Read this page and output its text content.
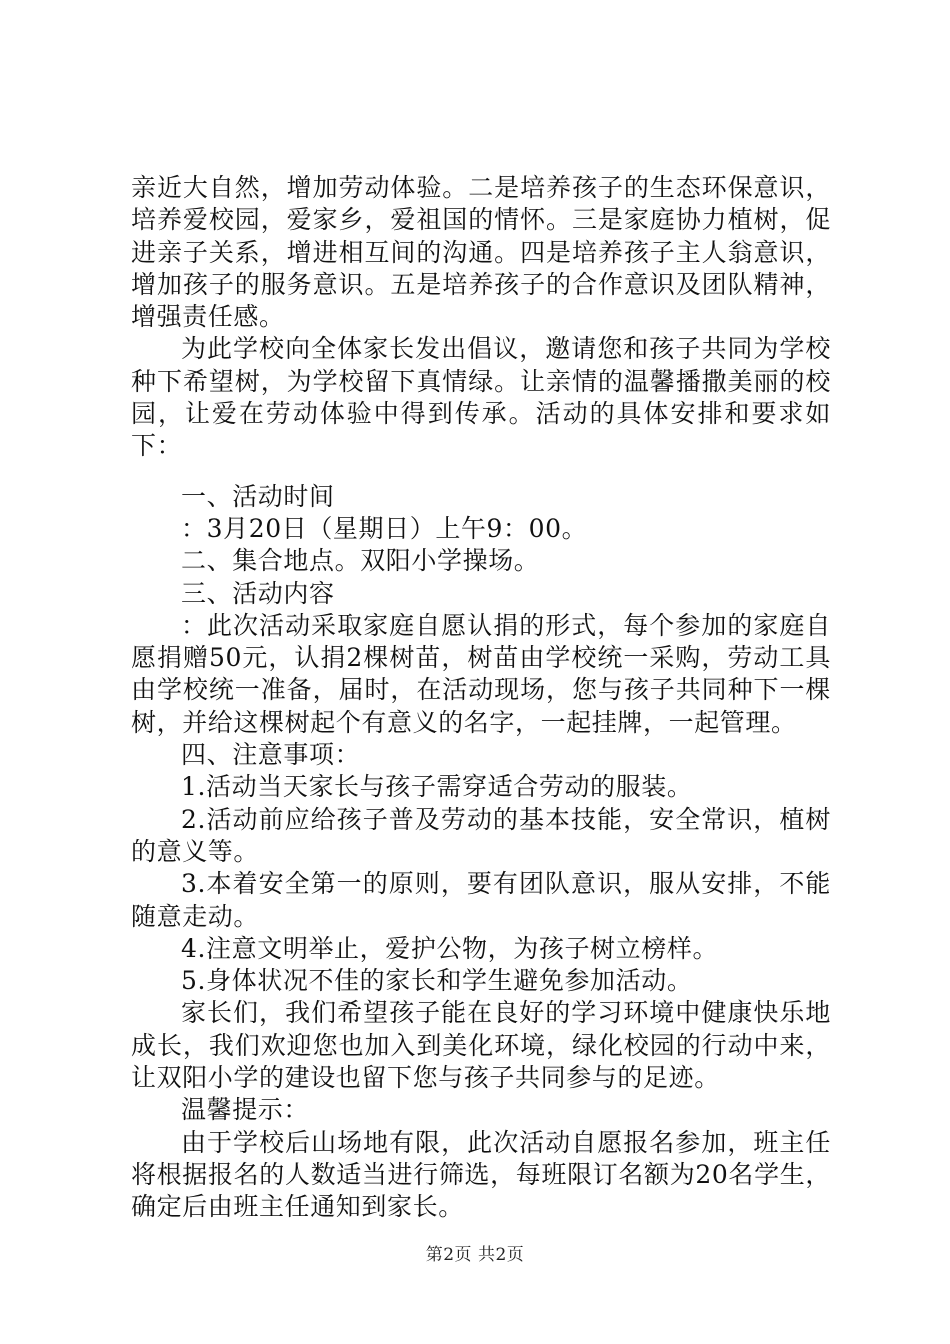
亲近大自然，增加劳动体验。二是培养孩子的生态环保意识，培养爱校园，爱家乡，爱祖国的情怀。三是家庭协力植树，促进亲子关系，增进相互间的沟通。四是培养孩子主人翁意识，增加孩子的服务意识。五是培养孩子的合作意识及团队精神，增强责任感。

为此学校向全体家长发出倡议，邀请您和孩子共同为学校种下希望树，为学校留下真情绿。让亲情的温馨播撒美丽的校园，让爱在劳动体验中得到传承。活动的具体安排和要求如下：

一、活动时间

：3月20日（星期日）上午9：00。

二、集合地点。双阳小学操场。

三、活动内容

：此次活动采取家庭自愿认捐的形式，每个参加的家庭自愿捐赠50元，认捐2棵树苗，树苗由学校统一采购，劳动工具由学校统一准备，届时，在活动现场，您与孩子共同种下一棵树，并给这棵树起个有意义的名字，一起挂牌，一起管理。

四、注意事项：

1.活动当天家长与孩子需穿适合劳动的服装。

2.活动前应给孩子普及劳动的基本技能，安全常识，植树的意义等。

3.本着安全第一的原则，要有团队意识，服从安排，不能随意走动。

4.注意文明举止，爱护公物，为孩子树立榜样。

5.身体状况不佳的家长和学生避免参加活动。

家长们，我们希望孩子能在良好的学习环境中健康快乐地成长，我们欢迎您也加入到美化环境，绿化校园的行动中来，让双阳小学的建设也留下您与孩子共同参与的足迹。

温馨提示：

由于学校后山场地有限，此次活动自愿报名参加，班主任将根据报名的人数适当进行筛选，每班限订名额为20名学生，确定后由班主任通知到家长。

第2页 共2页
